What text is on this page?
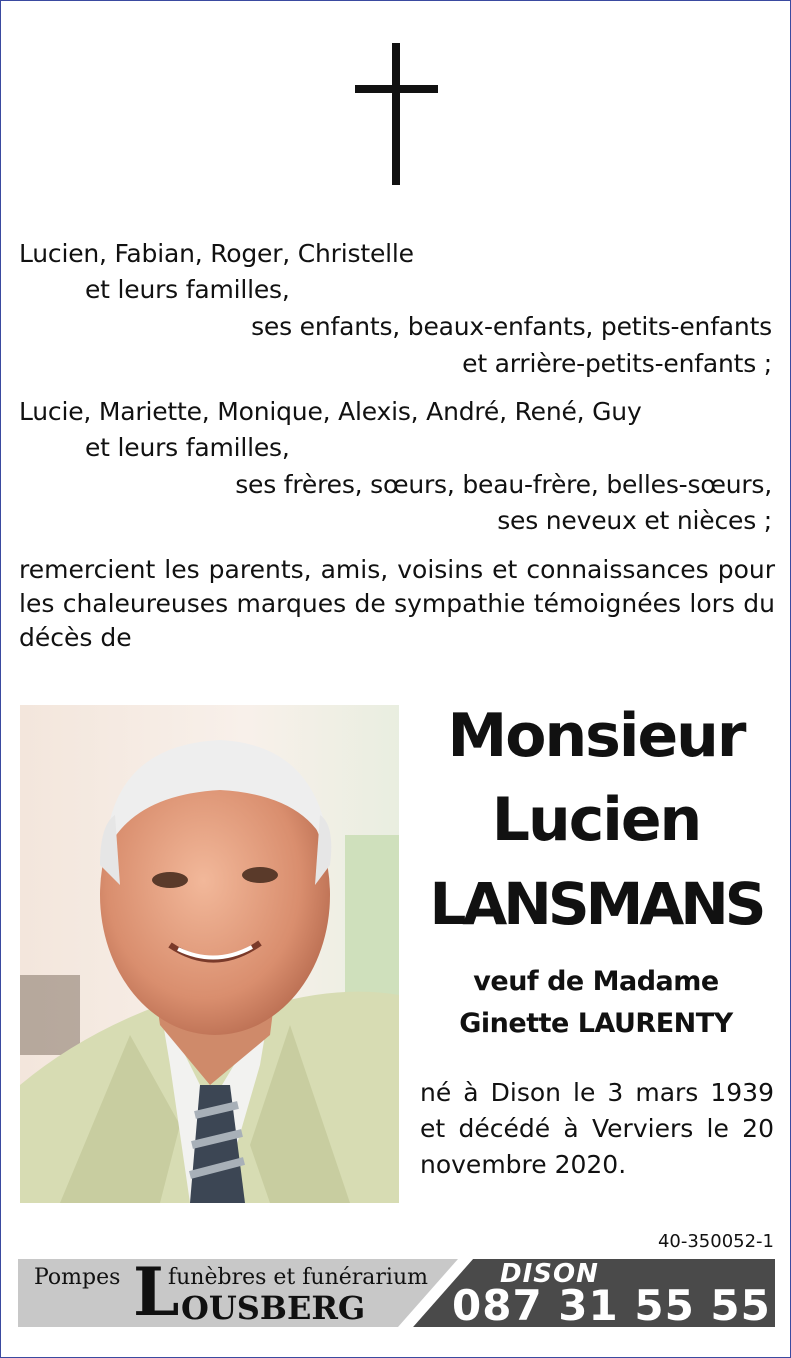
Lucien, Fabian, Roger, Christelle
et leurs familles,
ses enfants, beaux-enfants, petits-enfants
et arrière-petits-enfants ;
Lucie, Mariette, Monique, Alexis, André, René, Guy
et leurs familles,
ses frères, sœurs, beau-frère, belles-sœurs,
ses neveux et nièces ;
remercient les parents, amis, voisins et connaissances pour les chaleureuses marques de sympathie témoignées lors du décès de
Monsieur
Lucien
LANSMANS
veuf de Madame
Ginette LAURENTY
né à Dison le 3 mars 1939 et décédé à Verviers le 20 novembre 2020.
40-350052-1
Pompes L
funèbres et funérarium
OUSBERG
DISON
087 31 55 55
